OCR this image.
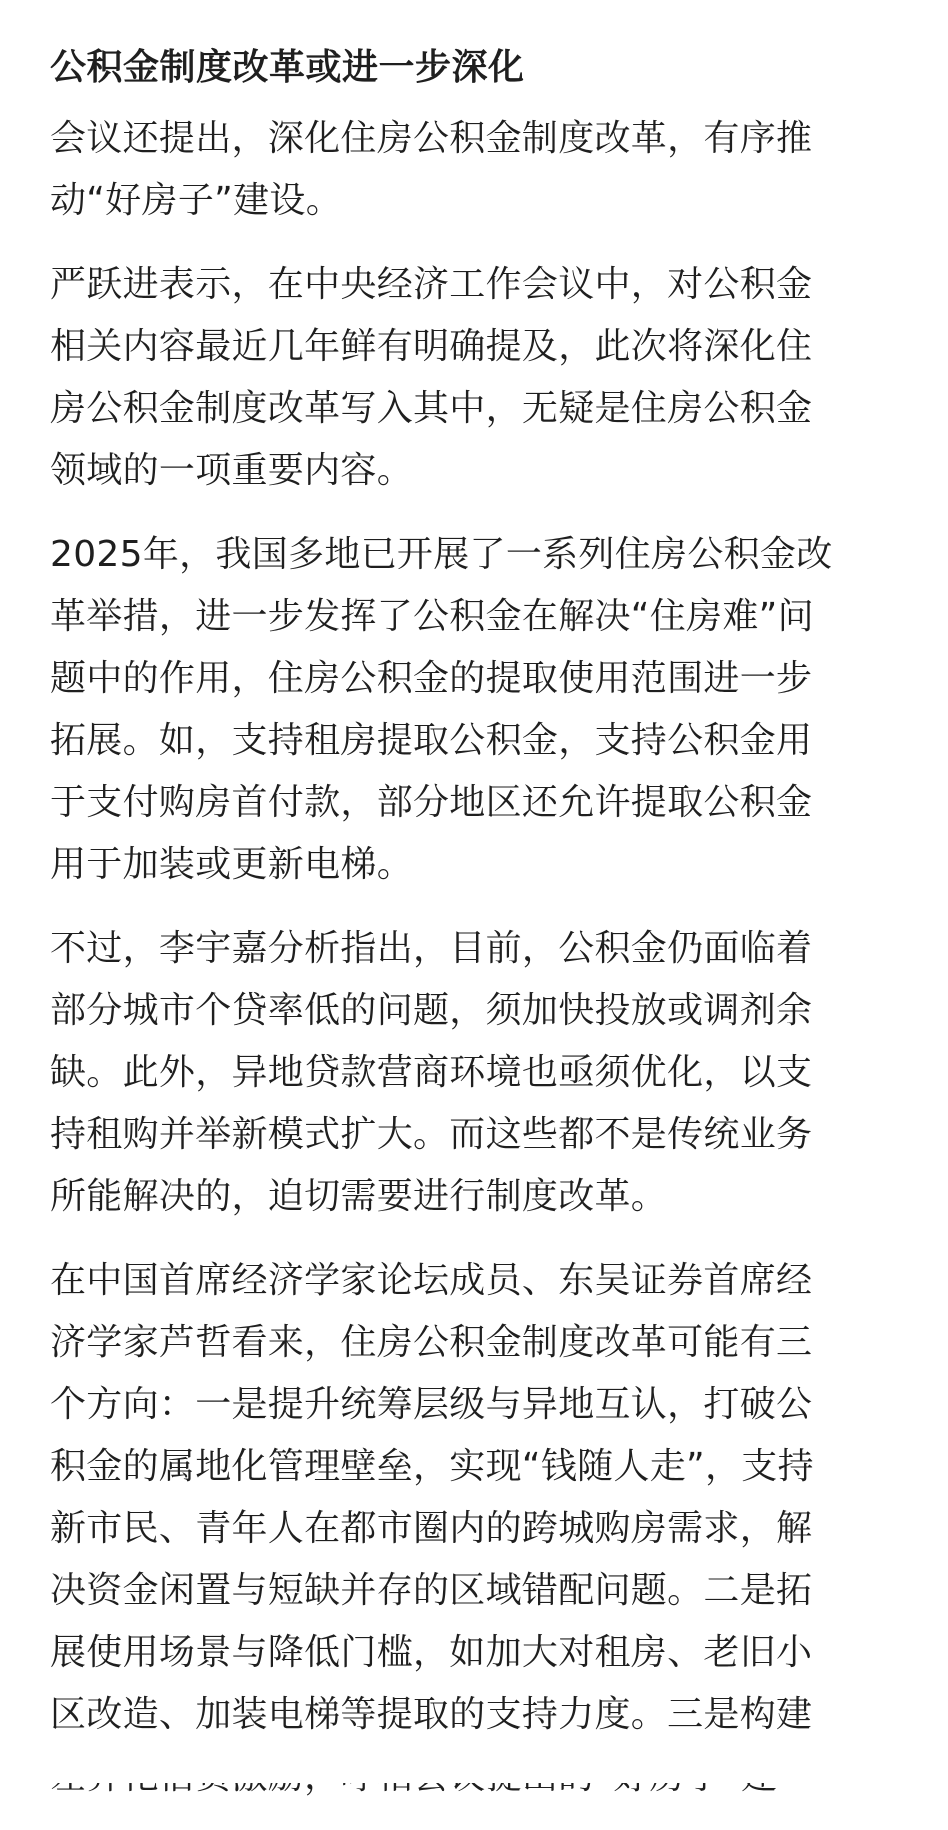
公积金制度改革或进一步深化
会议还提出，深化住房公积金制度改革，有序推
动“好房子”建设。
严跃进表示，在中央经济工作会议中，对公积金
相关内容最近几年鲜有明确提及，此次将深化住
房公积金制度改革写入其中，无疑是住房公积金
领域的一项重要内容。
2025年，我国多地已开展了一系列住房公积金改
革举措，进一步发挥了公积金在解决“住房难”问
题中的作用，住房公积金的提取使用范围进一步
拓展。如，支持租房提取公积金，支持公积金用
于支付购房首付款，部分地区还允许提取公积金
用于加装或更新电梯。
不过，李宇嘉分析指出，目前，公积金仍面临着
部分城市个贷率低的问题，须加快投放或调剂余
缺。此外，异地贷款营商环境也亟须优化，以支
持租购并举新模式扩大。而这些都不是传统业务
所能解决的，迫切需要进行制度改革。
在中国首席经济学家论坛成员、东吴证券首席经
济学家芦哲看来，住房公积金制度改革可能有三
个方向：一是提升统筹层级与异地互认，打破公
积金的属地化管理壁垒，实现“钱随人走”，支持
新市民、青年人在都市圈内的跨城购房需求，解
决资金闲置与短缺并存的区域错配问题。二是拓
展使用场景与降低门槛，如加大对租房、老旧小
区改造、加装电梯等提取的支持力度。三是构建
